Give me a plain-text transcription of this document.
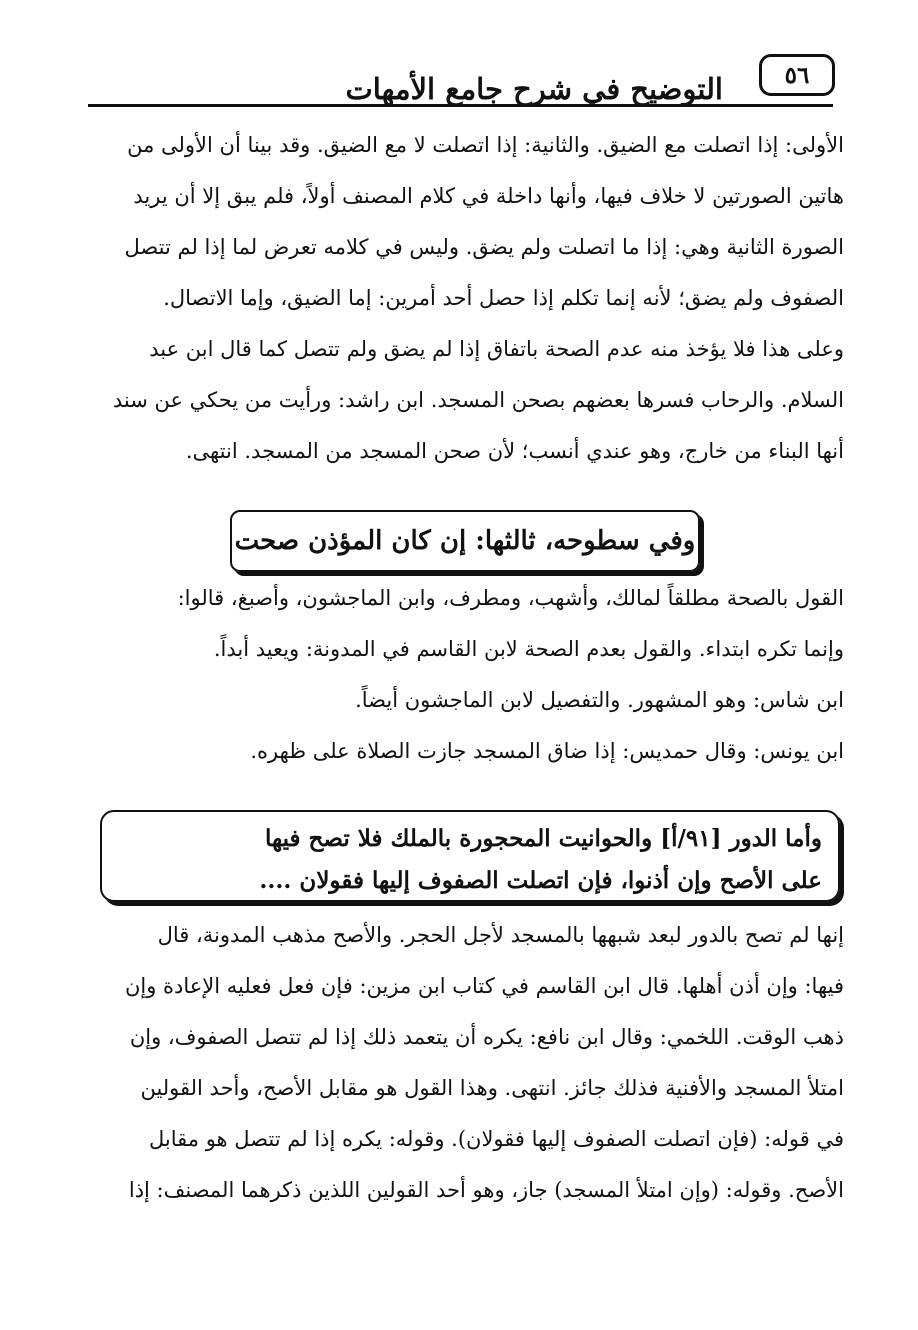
٥٦
التوضيح في شرح جامع الأمهات

الأولى: إذا اتصلت مع الضيق. والثانية: إذا اتصلت لا مع الضيق. وقد بينا أن الأولى من
هاتين الصورتين لا خلاف فيها، وأنها داخلة في كلام المصنف أولاً، فلم يبق إلا أن يريد
الصورة الثانية وهي: إذا ما اتصلت ولم يضق. وليس في كلامه تعرض لما إذا لم تتصل
الصفوف ولم يضق؛ لأنه إنما تكلم إذا حصل أحد أمرين: إما الضيق، وإما الاتصال.
وعلى هذا فلا يؤخذ منه عدم الصحة باتفاق إذا لم يضق ولم تتصل كما قال ابن عبد
السلام. والرحاب فسرها بعضهم بصحن المسجد. ابن راشد: ورأيت من يحكي عن سند
أنها البناء من خارج، وهو عندي أنسب؛ لأن صحن المسجد من المسجد. انتهى.

وفي سطوحه، ثالثها: إن كان المؤذن صحت

القول بالصحة مطلقاً لمالك، وأشهب، ومطرف، وابن الماجشون، وأصبغ، قالوا:
وإنما تكره ابتداء. والقول بعدم الصحة لابن القاسم في المدونة: ويعيد أبداً.
ابن شاس: وهو المشهور. والتفصيل لابن الماجشون أيضاً.
ابن يونس: وقال حمديس: إذا ضاق المسجد جازت الصلاة على ظهره.

وأما الدور [٩١/أ] والحوانيت المحجورة بالملك فلا تصح فيها
على الأصح وإن أذنوا، فإن اتصلت الصفوف إليها فقولان ....

إنها لم تصح بالدور لبعد شبهها بالمسجد لأجل الحجر. والأصح مذهب المدونة، قال
فيها: وإن أذن أهلها. قال ابن القاسم في كتاب ابن مزين: فإن فعل فعليه الإعادة وإن
ذهب الوقت. اللخمي: وقال ابن نافع: يكره أن يتعمد ذلك إذا لم تتصل الصفوف، وإن
امتلأ المسجد والأفنية فذلك جائز. انتهى. وهذا القول هو مقابل الأصح، وأحد القولين
في قوله: (فإن اتصلت الصفوف إليها فقولان). وقوله: يكره إذا لم تتصل هو مقابل
الأصح. وقوله: (وإن امتلأ المسجد) جاز، وهو أحد القولين اللذين ذكرهما المصنف: إذا
